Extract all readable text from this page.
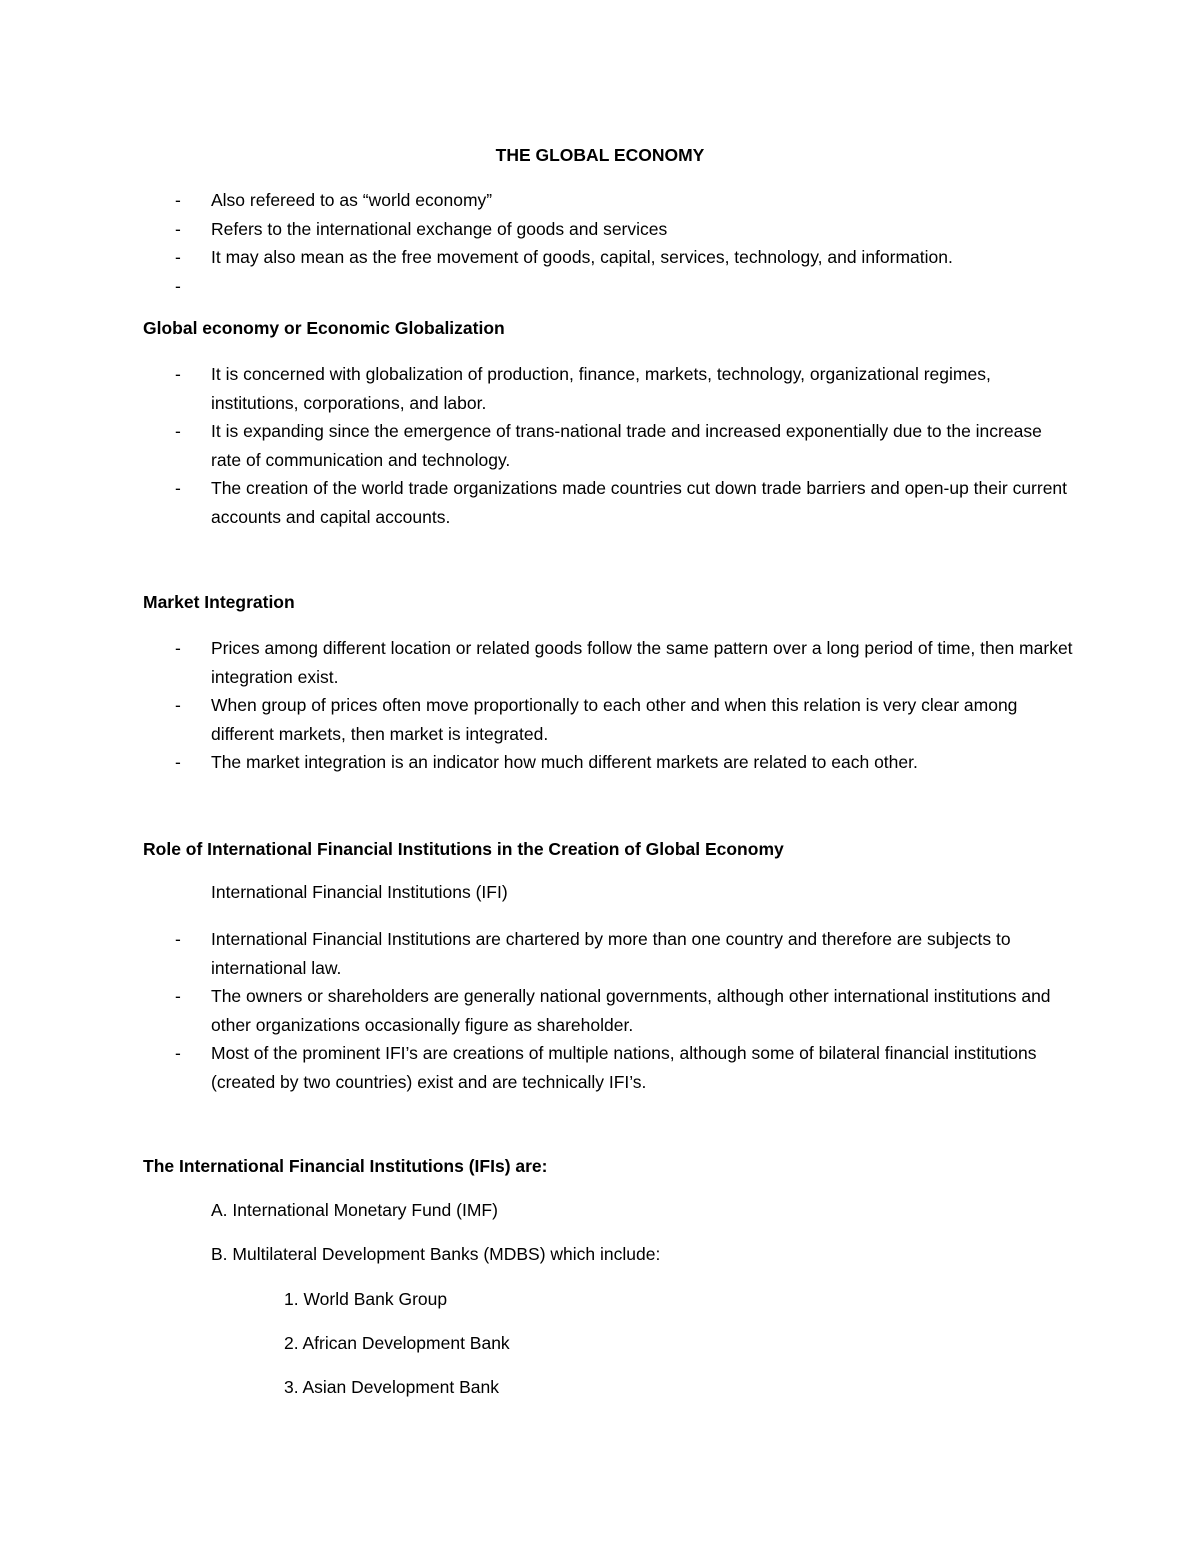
THE GLOBAL ECONOMY
- Also refereed to as “world economy”
- Refers to the international exchange of goods and services
- It may also mean as the free movement of goods, capital, services, technology, and information.
-
Global economy or Economic Globalization
- It is concerned with globalization of production, finance, markets, technology, organizational regimes, institutions, corporations, and labor.
- It is expanding since the emergence of trans-national trade and increased exponentially due to the increase rate of communication and technology.
- The creation of the world trade organizations made countries cut down trade barriers and open-up their current accounts and capital accounts.
Market Integration
- Prices among different location or related goods follow the same pattern over a long period of time, then market integration exist.
- When group of prices often move proportionally to each other and when this relation is very clear among different markets, then market is integrated.
- The market integration is an indicator how much different markets are related to each other.
Role of International Financial Institutions in the Creation of Global Economy
International Financial Institutions (IFI)
- International Financial Institutions are chartered by more than one country and therefore are subjects to international law.
- The owners or shareholders are generally national governments, although other international institutions and other organizations occasionally figure as shareholder.
- Most of the prominent IFI’s are creations of multiple nations, although some of bilateral financial institutions (created by two countries) exist and are technically IFI’s.
The International Financial Institutions (IFIs) are:
A. International Monetary Fund (IMF)
B. Multilateral Development Banks (MDBS) which include:
1. World Bank Group
2. African Development Bank
3. Asian Development Bank
